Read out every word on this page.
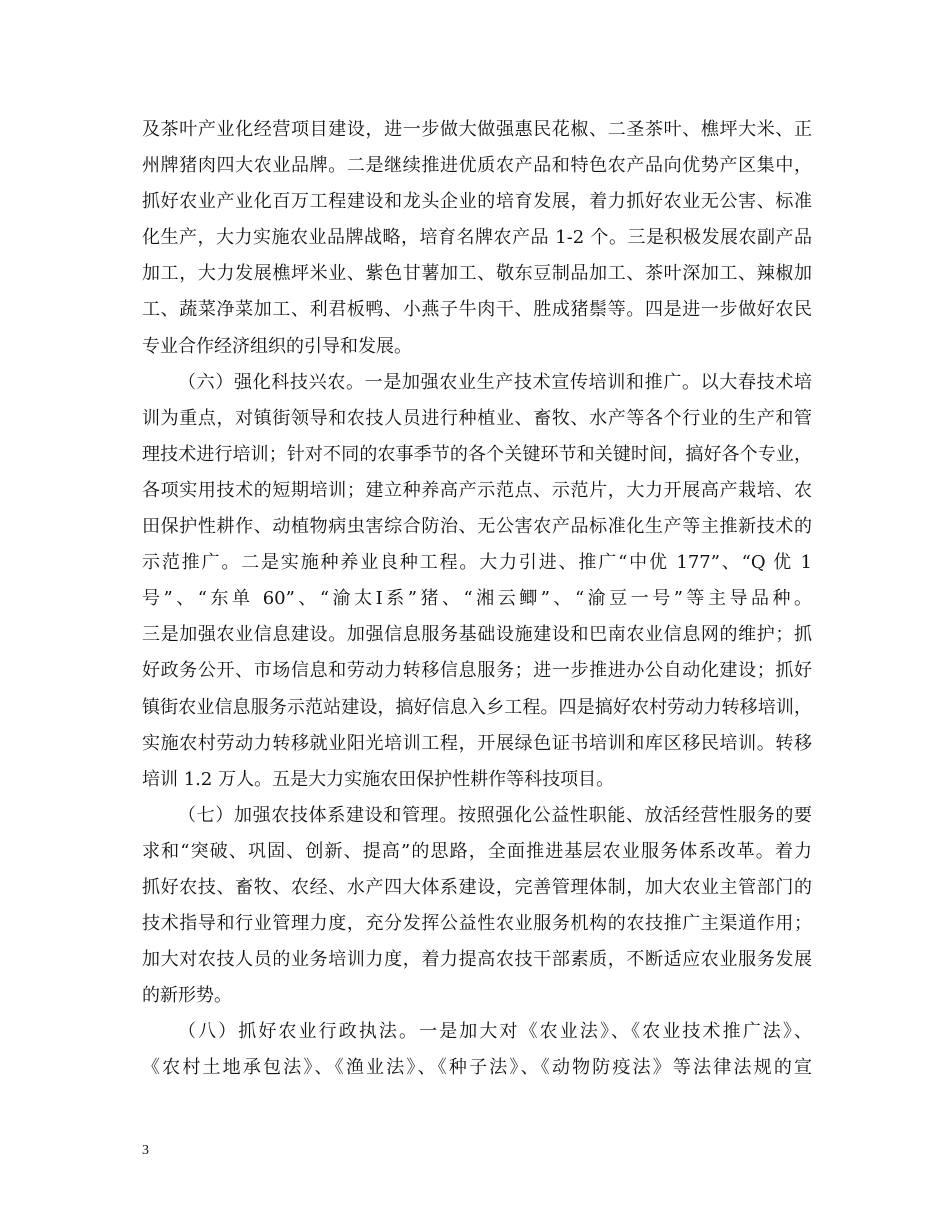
及茶叶产业化经营项目建设，进一步做大做强惠民花椒、二圣茶叶、樵坪大米、正
州牌猪肉四大农业品牌。二是继续推进优质农产品和特色农产品向优势产区集中，
抓好农业产业化百万工程建设和龙头企业的培育发展，着力抓好农业无公害、标准
化生产，大力实施农业品牌战略，培育名牌农产品 1-2 个。三是积极发展农副产品
加工，大力发展樵坪米业、紫色甘薯加工、敬东豆制品加工、茶叶深加工、辣椒加
工、蔬菜净菜加工、利君板鸭、小燕子牛肉干、胜成猪鬃等。四是进一步做好农民
专业合作经济组织的引导和发展。
（六）强化科技兴农。一是加强农业生产技术宣传培训和推广。以大春技术培
训为重点，对镇街领导和农技人员进行种植业、畜牧、水产等各个行业的生产和管
理技术进行培训；针对不同的农事季节的各个关键环节和关键时间，搞好各个专业，
各项实用技术的短期培训；建立种养高产示范点、示范片，大力开展高产栽培、农
田保护性耕作、动植物病虫害综合防治、无公害农产品标准化生产等主推新技术的
示范推广。二是实施种养业良种工程。大力引进、推广“中优 177”、“Q 优 1
号”、“东单 60”、“渝太Ⅰ系”猪、“湘云鲫”、“渝豆一号”等主导品种。
三是加强农业信息建设。加强信息服务基础设施建设和巴南农业信息网的维护；抓
好政务公开、市场信息和劳动力转移信息服务；进一步推进办公自动化建设；抓好
镇街农业信息服务示范站建设，搞好信息入乡工程。四是搞好农村劳动力转移培训，
实施农村劳动力转移就业阳光培训工程，开展绿色证书培训和库区移民培训。转移
培训 1.2 万人。五是大力实施农田保护性耕作等科技项目。
（七）加强农技体系建设和管理。按照强化公益性职能、放活经营性服务的要
求和“突破、巩固、创新、提高”的思路，全面推进基层农业服务体系改革。着力
抓好农技、畜牧、农经、水产四大体系建设，完善管理体制，加大农业主管部门的
技术指导和行业管理力度，充分发挥公益性农业服务机构的农技推广主渠道作用；
加大对农技人员的业务培训力度，着力提高农技干部素质，不断适应农业服务发展
的新形势。
（八）抓好农业行政执法。一是加大对《农业法》、《农业技术推广法》、
《农村土地承包法》、《渔业法》、《种子法》、《动物防疫法》等法律法规的宣
3
